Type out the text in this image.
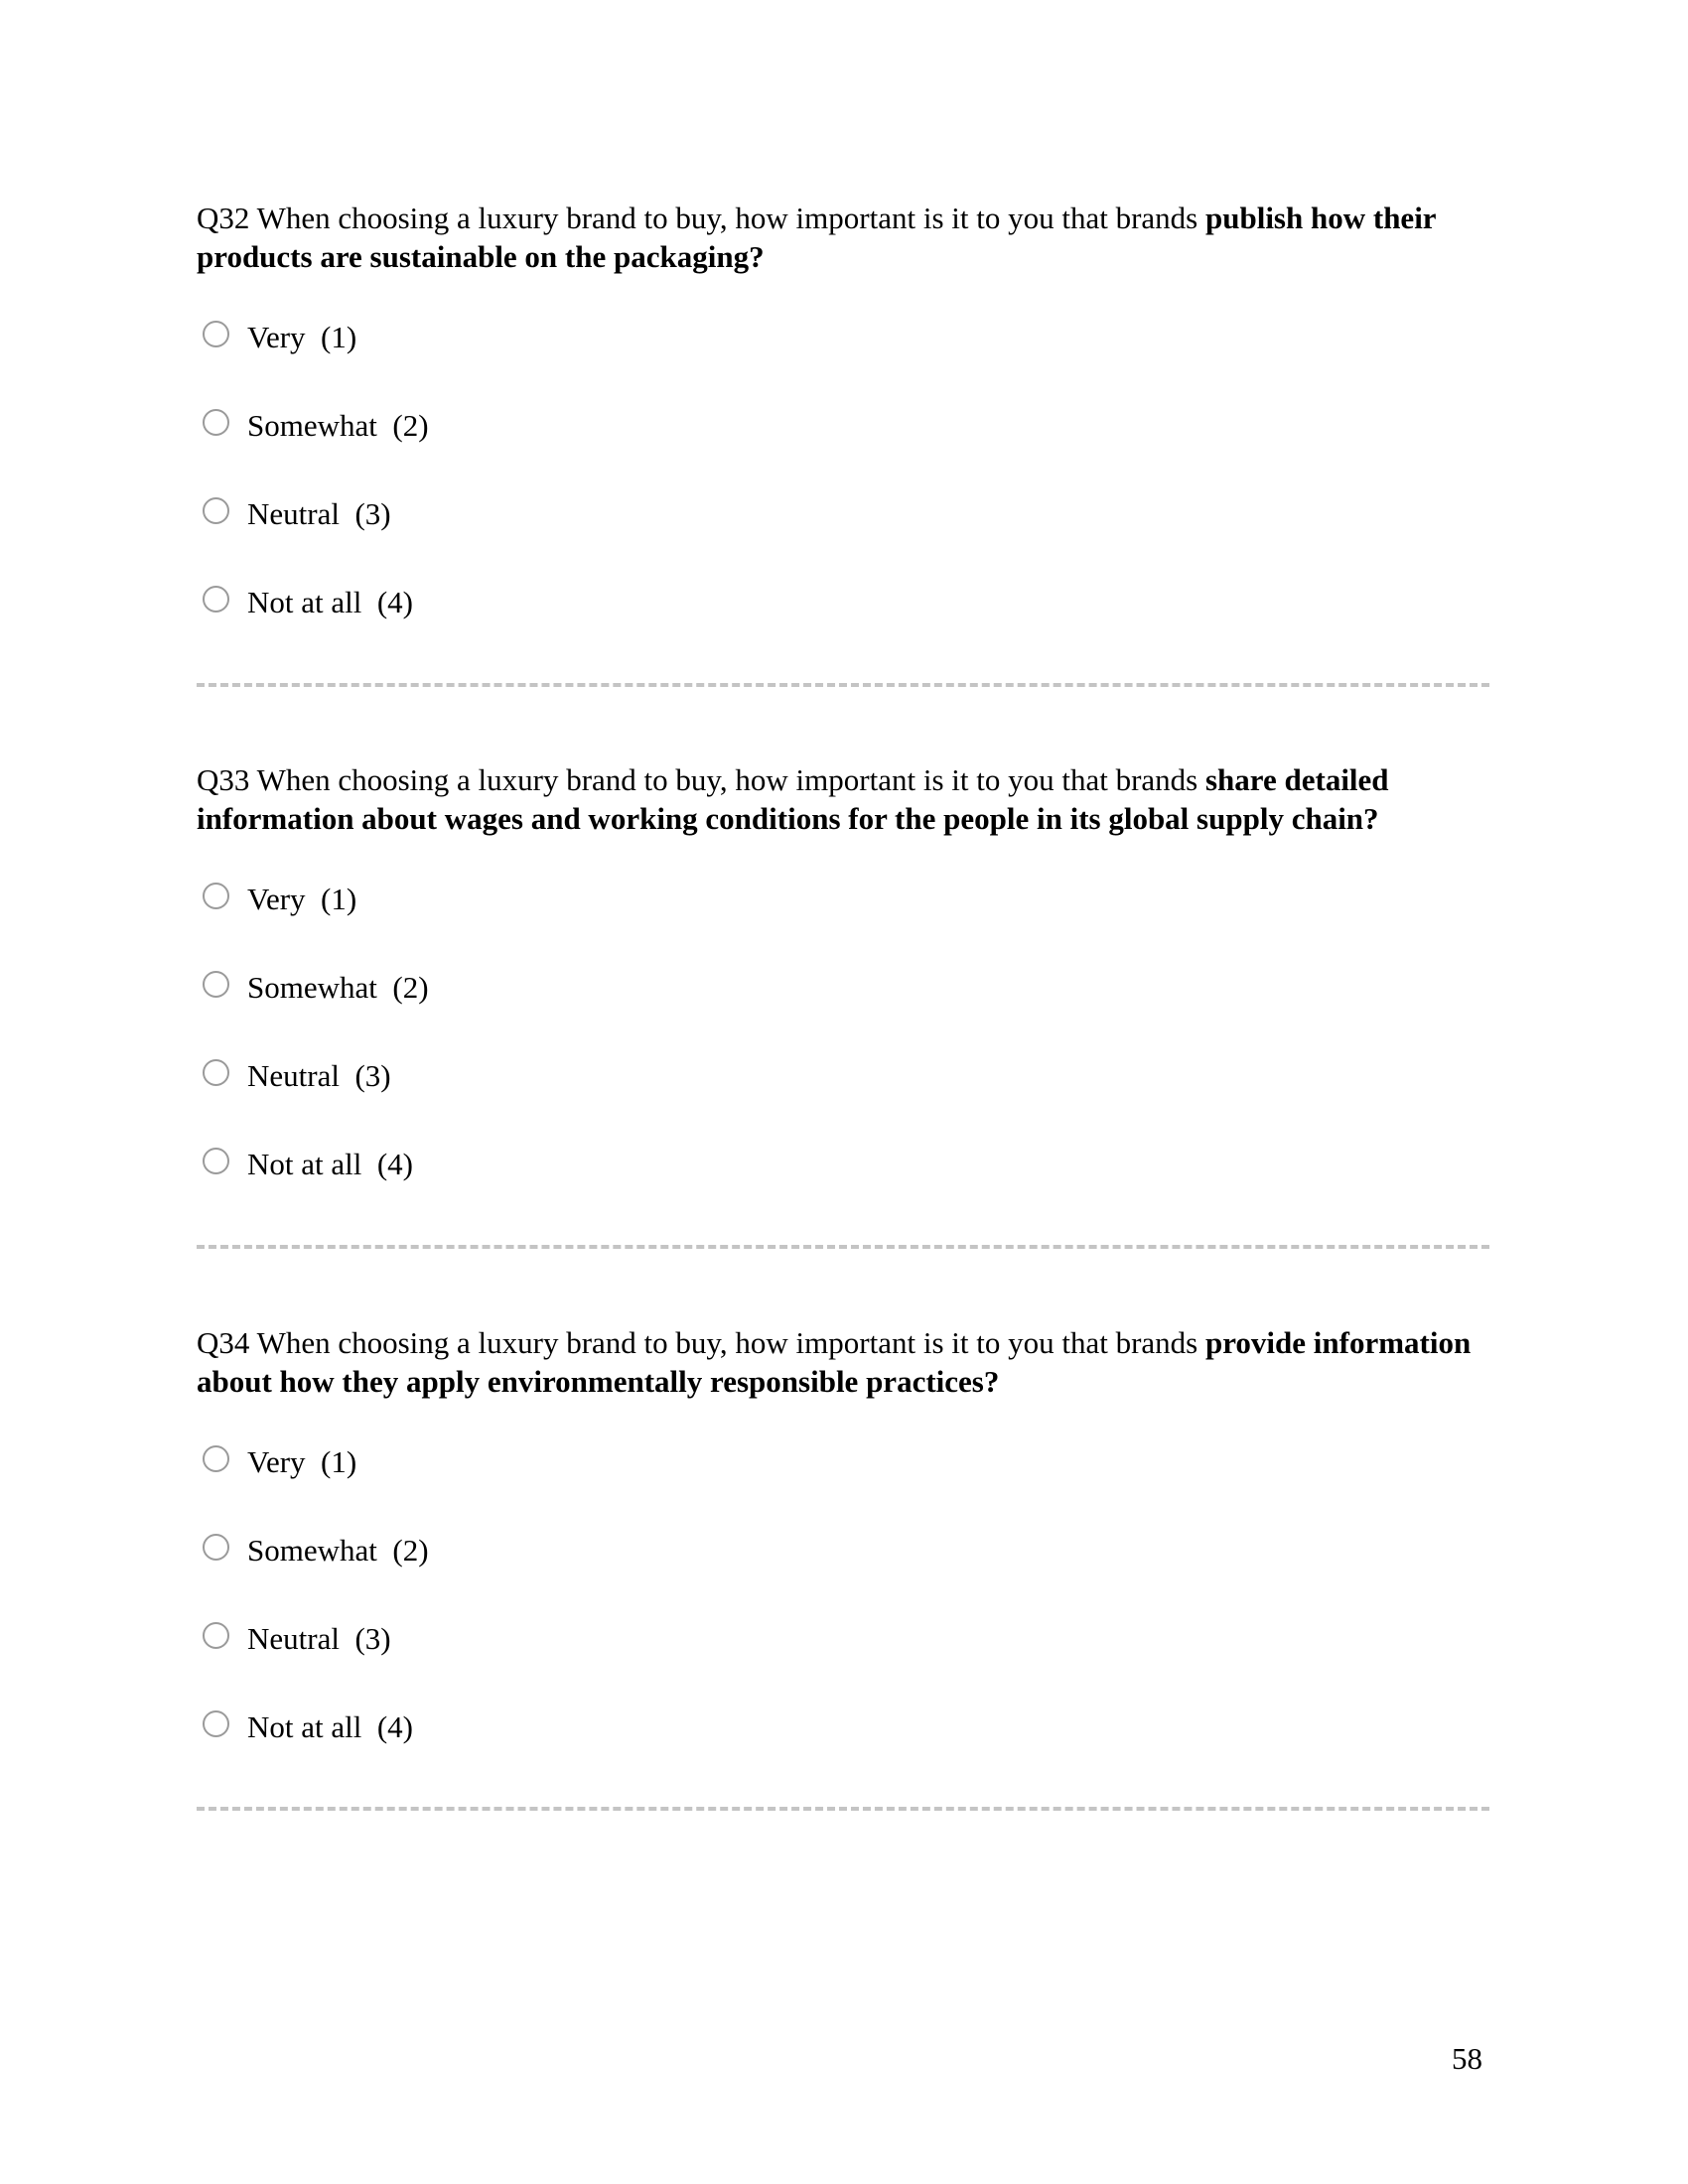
Q32 When choosing a luxury brand to buy, how important is it to you that brands publish how their products are sustainable on the packaging?

Very  (1)
Somewhat  (2)
Neutral  (3)
Not at all  (4)

Q33 When choosing a luxury brand to buy, how important is it to you that brands share detailed information about wages and working conditions for the people in its global supply chain?

Very  (1)
Somewhat  (2)
Neutral  (3)
Not at all  (4)

Q34 When choosing a luxury brand to buy, how important is it to you that brands provide information about how they apply environmentally responsible practices?

Very  (1)
Somewhat  (2)
Neutral  (3)
Not at all  (4)
58
